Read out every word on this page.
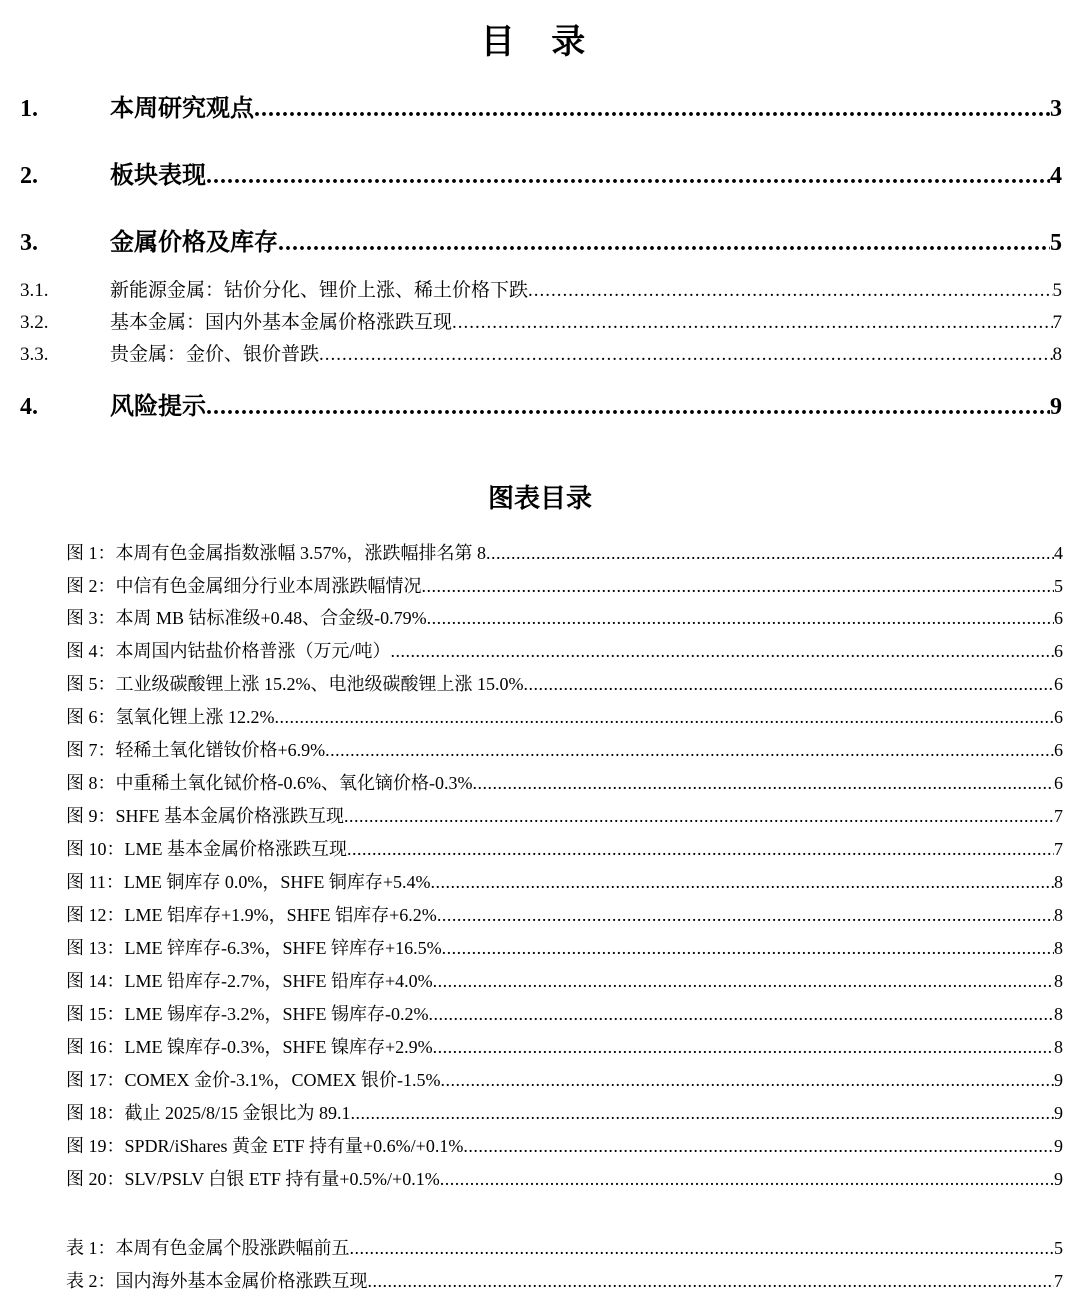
目 录
1.	本周研究观点 .....	3
2.	板块表现 .....	4
3.	金属价格及库存 .....	5
3.1.	新能源金属：钴价分化、锂价上涨、稀土价格下跌 .....	5
3.2.	基本金属：国内外基本金属价格涨跌互现 .....	7
3.3.	贵金属：金价、银价普跌 .....	8
4.	风险提示 .....	9
图表目录
图 1：本周有色金属指数涨幅 3.57%，涨跌幅排名第 8 .....	4
图 2：中信有色金属细分行业本周涨跌幅情况 .....	5
图 3：本周 MB 钴标准级+0.48、合金级-0.79% .....	6
图 4：本周国内钴盐价格普涨（万元/吨） .....	6
图 5：工业级碳酸锂上涨 15.2%、电池级碳酸锂上涨 15.0% .....	6
图 6：氢氧化锂上涨 12.2% .....	6
图 7：轻稀土氧化镨钕价格+6.9% .....	6
图 8：中重稀土氧化铽价格-0.6%、氧化镝价格-0.3% .....	6
图 9：SHFE 基本金属价格涨跌互现 .....	7
图 10：LME 基本金属价格涨跌互现 .....	7
图 11：LME 铜库存 0.0%，SHFE 铜库存+5.4% .....	8
图 12：LME 铝库存+1.9%，SHFE 铝库存+6.2% .....	8
图 13：LME 锌库存-6.3%，SHFE 锌库存+16.5% .....	8
图 14：LME 铅库存-2.7%，SHFE 铅库存+4.0% .....	8
图 15：LME 锡库存-3.2%，SHFE 锡库存-0.2% .....	8
图 16：LME 镍库存-0.3%，SHFE 镍库存+2.9% .....	8
图 17：COMEX 金价-3.1%，COMEX 银价-1.5% .....	9
图 18：截止 2025/8/15 金银比为 89.1 .....	9
图 19：SPDR/iShares 黄金 ETF 持有量+0.6%/+0.1% .....	9
图 20：SLV/PSLV 白银 ETF 持有量+0.5%/+0.1% .....	9
表 1：本周有色金属个股涨跌幅前五 .....	5
表 2：国内海外基本金属价格涨跌互现 .....	7
